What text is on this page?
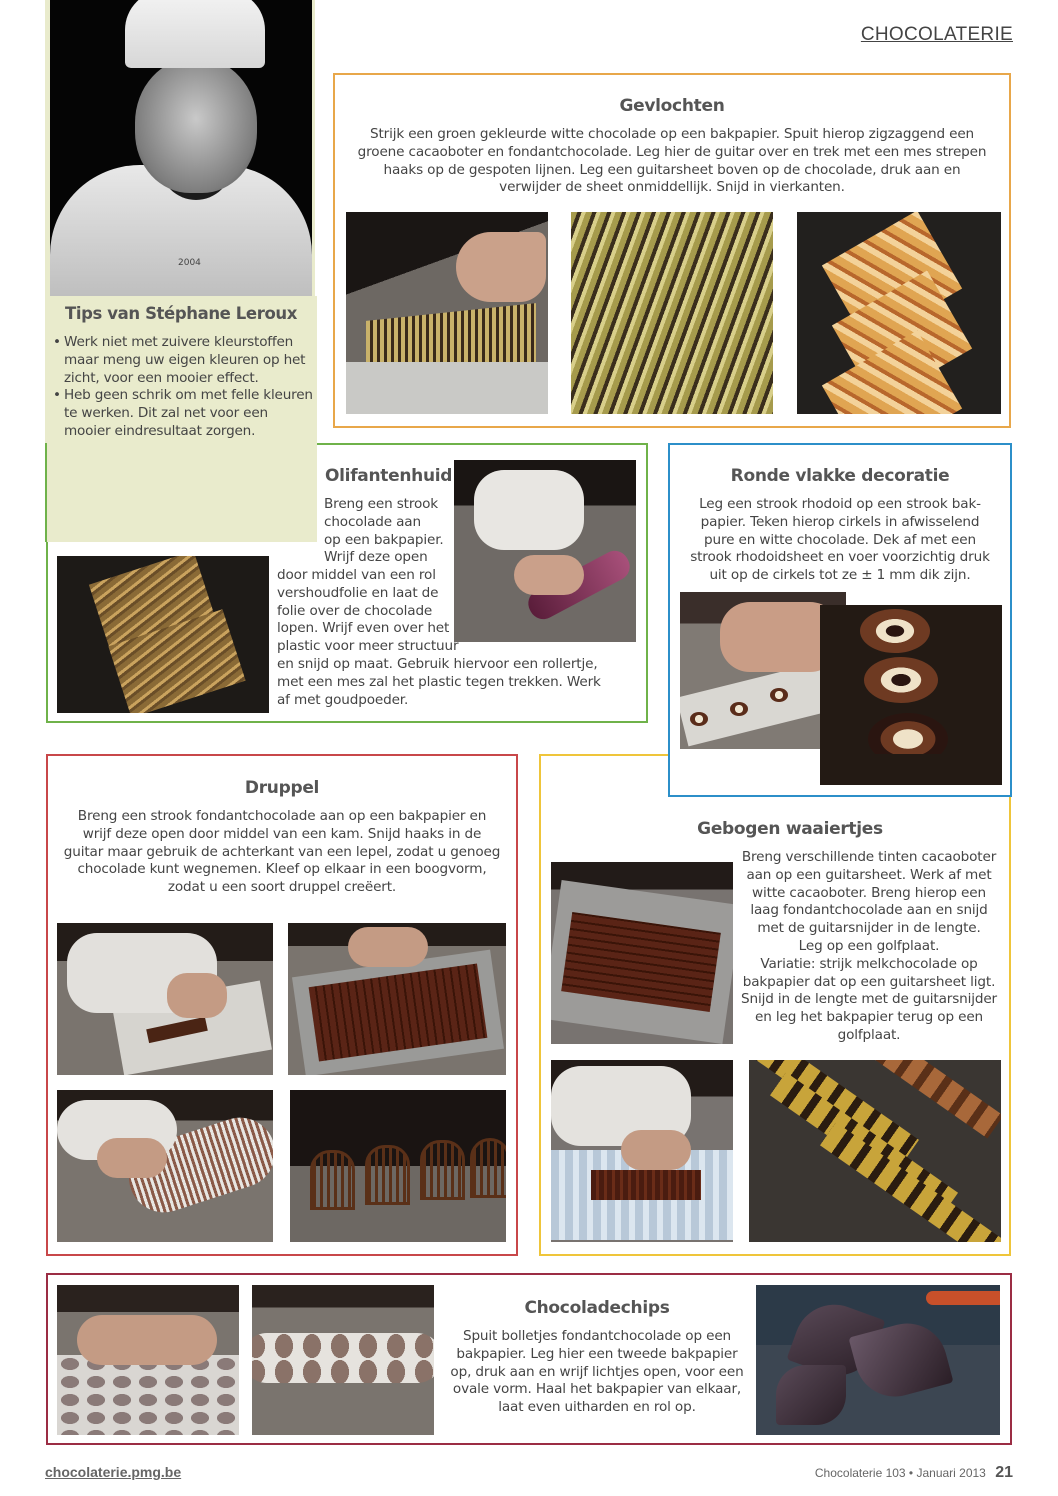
CHOCOLATERIE
2004
Tips van Stéphane Leroux
• Werk niet met zuivere kleurstoffen maar meng uw eigen kleuren op het zicht, voor een mooier effect.
• Heb geen schrik om met felle kleuren te werken. Dit zal net voor een mooier eindresultaat zorgen.
•
•
Gevlochten
Strijk een groen gekleurde witte chocolade op een bakpapier. Spuit hierop zigzaggend een
groene cacaoboter en fondantchocolade. Leg hier de guitar over en trek met een mes strepen
haaks op de gespoten lijnen. Leg een guitarsheet boven op de chocolade, druk aan en
verwijder de sheet onmiddellijk. Snijd in vierkanten.
Olifantenhuid
Breng een strook
chocolade aan
op een bakpapier.
Wrijf deze open
door middel van een rol
vershoudfolie en laat de
folie over de chocolade
lopen. Wrijf even over het
plastic voor meer structuur
en snijd op maat. Gebruik hiervoor een rollertje,
met een mes zal het plastic tegen trekken. Werk
af met goudpoeder.
Ronde vlakke decoratie
Leg een strook rhodoid op een strook bak-
papier. Teken hierop cirkels in afwisselend
pure en witte chocolade. Dek af met een
strook rhodoidsheet en voer voorzichtig druk
uit op de cirkels tot ze ± 1 mm dik zijn.
Druppel
Breng een strook fondantchocolade aan op een bakpapier en
wrijf deze open door middel van een kam. Snijd haaks in de
guitar maar gebruik de achterkant van een lepel, zodat u genoeg
chocolade kunt wegnemen. Kleef op elkaar in een boogvorm,
zodat u een soort druppel creëert.
Gebogen waaiertjes
Breng verschillende tinten cacaoboter
aan op een guitarsheet. Werk af met
witte cacaoboter. Breng hierop een
laag fondantchocolade aan en snijd
met de guitarsnijder in de lengte.
Leg op een golfplaat.
Variatie: strijk melkchocolade op
bakpapier dat op een guitarsheet ligt.
Snijd in de lengte met de guitarsnijder
en leg het bakpapier terug op een
golfplaat.
Chocoladechips
Spuit bolletjes fondantchocolade op een
bakpapier. Leg hier een tweede bakpapier
op, druk aan en wrijf lichtjes open, voor een
ovale vorm. Haal het bakpapier van elkaar,
laat even uitharden en rol op.
chocolaterie.pmg.be	Chocolaterie 103 • Januari 2013 21
